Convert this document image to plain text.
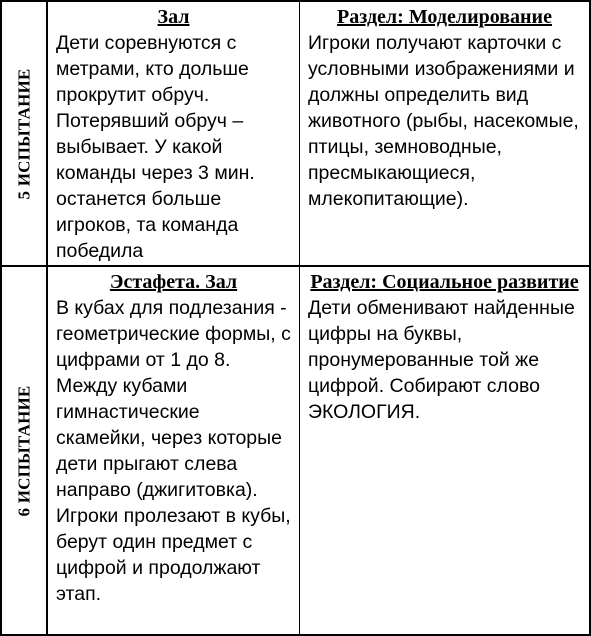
5 ИСПЫТАНИЕ
Зал

Дети соревнуются с метрами, кто дольше прокрутит обруч. Потерявший обруч – выбывает. У какой команды через 3 мин. останется больше игроков, та команда победила

Раздел: Моделирование

Игроки получают карточки с условными изображениями и должны определить вид животного (рыбы, насекомые, птицы, земноводные, пресмыкающиеся, млекопитающие).

6 ИСПЫТАНИЕ
Эстафета. Зал

В кубах для подлезания - геометрические формы, с цифрами от 1 до 8. Между кубами гимнастические скамейки, через которые дети прыгают слева направо (джигитовка). Игроки пролезают в кубы, берут один предмет с цифрой и продолжают этап.

Раздел: Социальное развитие

Дети обменивают найденные цифры на буквы, пронумерованные той же цифрой. Собирают слово ЭКОЛОГИЯ.
